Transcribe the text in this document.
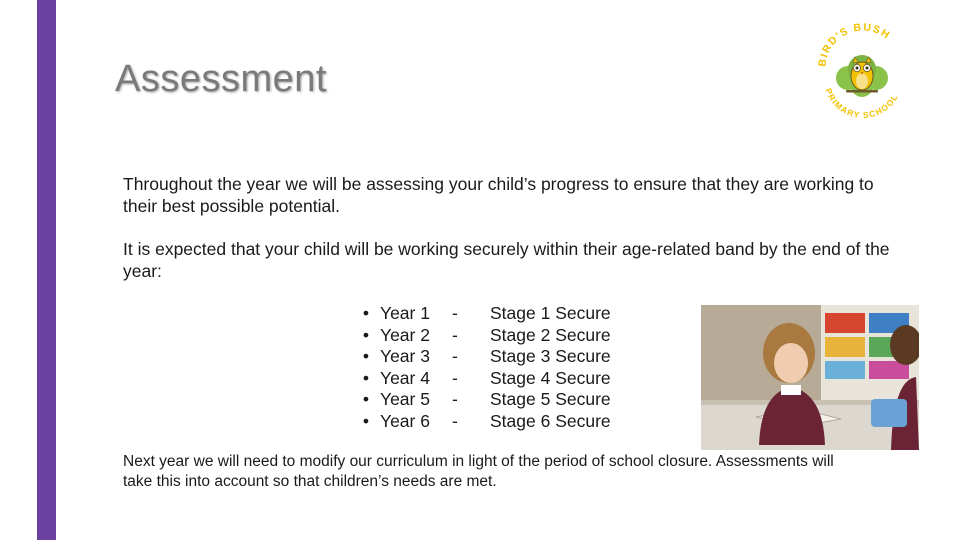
Assessment

Throughout the year we will be assessing your child’s progress to ensure that they are working to their best possible potential.

It is expected that your child will be working securely within their age-related band by the end of the year:

• Year 1	-	Stage 1 Secure
• Year 2	-	Stage 2 Secure
• Year 3	-	Stage 3 Secure
• Year 4	-	Stage 4 Secure
• Year 5	-	Stage 5 Secure
• Year 6	-	Stage 6 Secure

Next year we will need to modify our curriculum in light of the period of school closure. Assessments will take this into account so that children’s needs are met.

BIRD'S BUSH
PRIMARY SCHOOL
